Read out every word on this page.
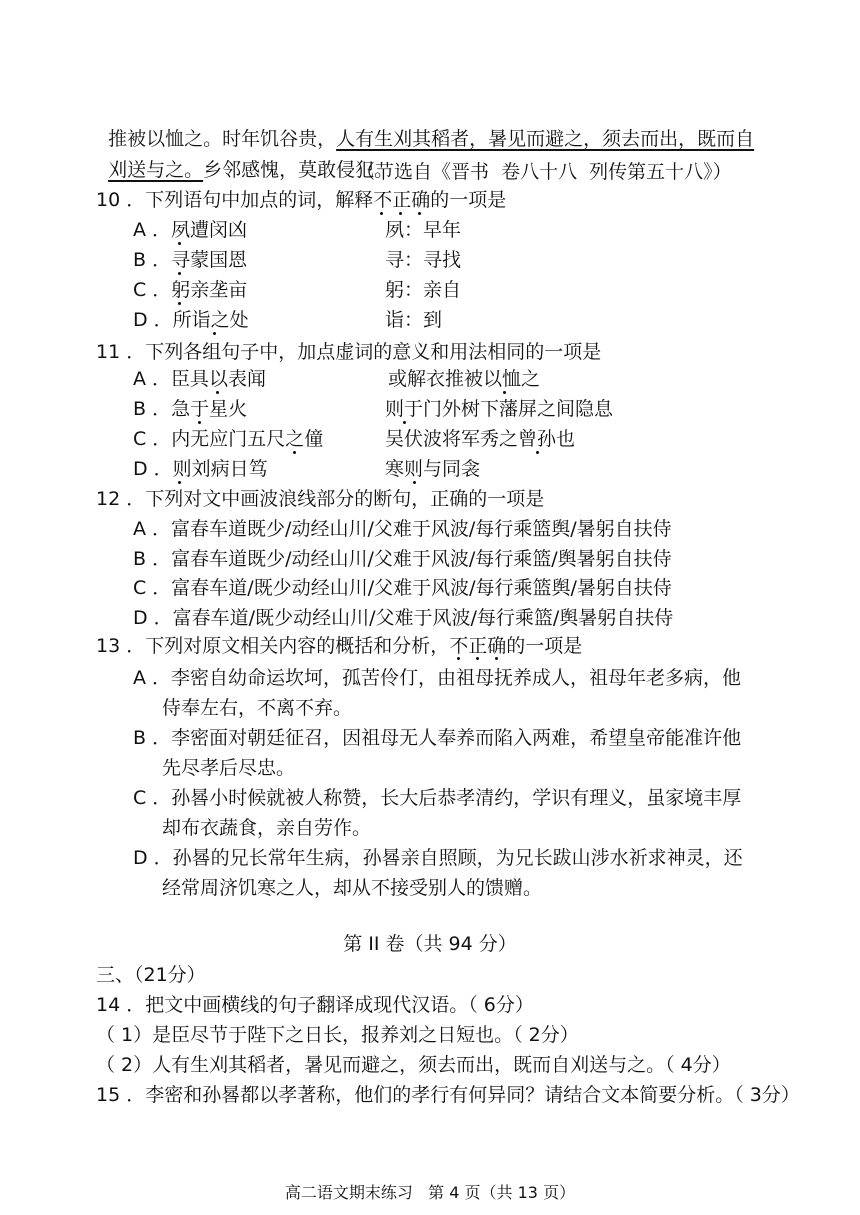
推被以恤之。时年饥谷贵，人有生刈其稻者，暑见而避之，须去而出，既而自

刈送与之。乡邻感愧，莫敢侵犯。

（节选自《晋书  卷八十八  列传第五十八》）
10 ．下列语句中加点的词，解释不正确的一项是
A ．夙遭闵凶	夙：早年
B ．寻蒙国恩	寻：寻找
C ．躬亲垄亩	躬：亲自
D ．所诣之处	诣：到
11 ．下列各组句子中，加点虚词的意义和用法相同的一项是
A ．臣具以表闻	或解衣推被以恤之
B ．急于星火	则于门外树下藩屏之间隐息
C ．内无应门五尺之僮	吴伏波将军秀之曾孙也
D ．则刘病日笃	寒则与同衾
12 ．下列对文中画波浪线部分的断句，正确的一项是
A ．富春车道既少/动经山川/父难于风波/每行乘篮舆/暑躬自扶侍
B ．富春车道既少/动经山川/父难于风波/每行乘篮/舆暑躬自扶侍
C ．富春车道/既少动经山川/父难于风波/每行乘篮舆/暑躬自扶侍
D ．富春车道/既少动经山川/父难于风波/每行乘篮/舆暑躬自扶侍
13 ．下列对原文相关内容的概括和分析，不正确的一项是
A ．李密自幼命运坎坷，孤苦伶仃，由祖母抚养成人，祖母年老多病，他
侍奉左右，不离不弃。
B ．李密面对朝廷征召，因祖母无人奉养而陷入两难，希望皇帝能准许他
先尽孝后尽忠。
C ．孙晷小时候就被人称赞，长大后恭孝清约，学识有理义，虽家境丰厚
却布衣蔬食，亲自劳作。
D ．孙晷的兄长常年生病，孙晷亲自照顾，为兄长跋山涉水祈求神灵，还
经常周济饥寒之人，却从不接受别人的馈赠。
第 II 卷（共 94 分）
三、（21分）
14 ．把文中画横线的句子翻译成现代汉语。（ 6分）
（ 1）是臣尽节于陛下之日长，报养刘之日短也。（ 2分）
（ 2）人有生刈其稻者，暑见而避之，须去而出，既而自刈送与之。（ 4分）
15 ．李密和孙晷都以孝著称，他们的孝行有何异同？请结合文本简要分析。（ 3分）
高二语文期末练习   第 4 页（共 13 页）
